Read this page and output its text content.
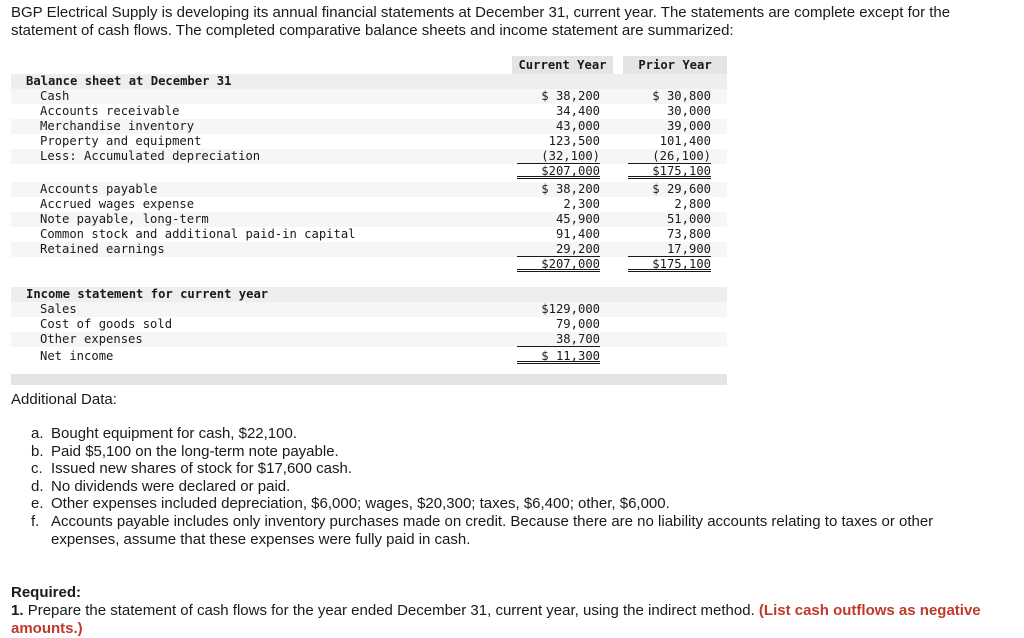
BGP Electrical Supply is developing its annual financial statements at December 31, current year. The statements are complete except for the statement of cash flows. The completed comparative balance sheets and income statement are summarized:
Current Year	Prior Year
Balance sheet at December 31
Cash	$ 38,200	$ 30,800
Accounts receivable	34,400	30,000
Merchandise inventory	43,000	39,000
Property and equipment	123,500	101,400
Less: Accumulated depreciation	(32,100)	(26,100)
$207,000	$175,100
Accounts payable	$ 38,200	$ 29,600
Accrued wages expense	2,300	2,800
Note payable, long-term	45,900	51,000
Common stock and additional paid-in capital	91,400	73,800
Retained earnings	29,200	17,900
$207,000	$175,100
Income statement for current year
Sales	$129,000
Cost of goods sold	79,000
Other expenses	38,700
Net income	$ 11,300
Additional Data:
a. Bought equipment for cash, $22,100.
b. Paid $5,100 on the long-term note payable.
c. Issued new shares of stock for $17,600 cash.
d. No dividends were declared or paid.
e. Other expenses included depreciation, $6,000; wages, $20,300; taxes, $6,400; other, $6,000.
f. Accounts payable includes only inventory purchases made on credit. Because there are no liability accounts relating to taxes or other expenses, assume that these expenses were fully paid in cash.
Required:
1. Prepare the statement of cash flows for the year ended December 31, current year, using the indirect method. (List cash outflows as negative amounts.)
